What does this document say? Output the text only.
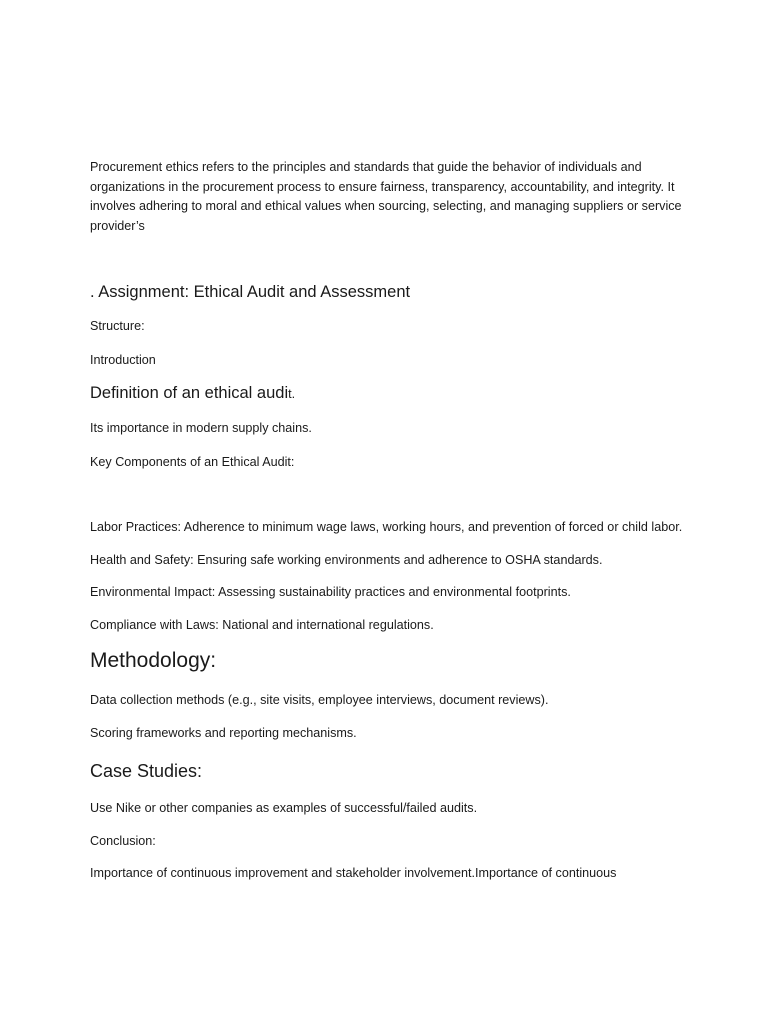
Procurement ethics refers to the principles and standards that guide the behavior of individuals and organizations in the procurement process to ensure fairness, transparency, accountability, and integrity. It involves adhering to moral and ethical values when sourcing, selecting, and managing suppliers or service provider’s

. Assignment: Ethical Audit and Assessment

Structure:

Introduction

Definition of an ethical audit.

Its importance in modern supply chains.

Key Components of an Ethical Audit:

Labor Practices: Adherence to minimum wage laws, working hours, and prevention of forced or child labor.

Health and Safety: Ensuring safe working environments and adherence to OSHA standards.

Environmental Impact: Assessing sustainability practices and environmental footprints.

Compliance with Laws: National and international regulations.

Methodology:

Data collection methods (e.g., site visits, employee interviews, document reviews).

Scoring frameworks and reporting mechanisms.

Case Studies:

Use Nike or other companies as examples of successful/failed audits.

Conclusion:

Importance of continuous improvement and stakeholder involvement.Importance of continuous
